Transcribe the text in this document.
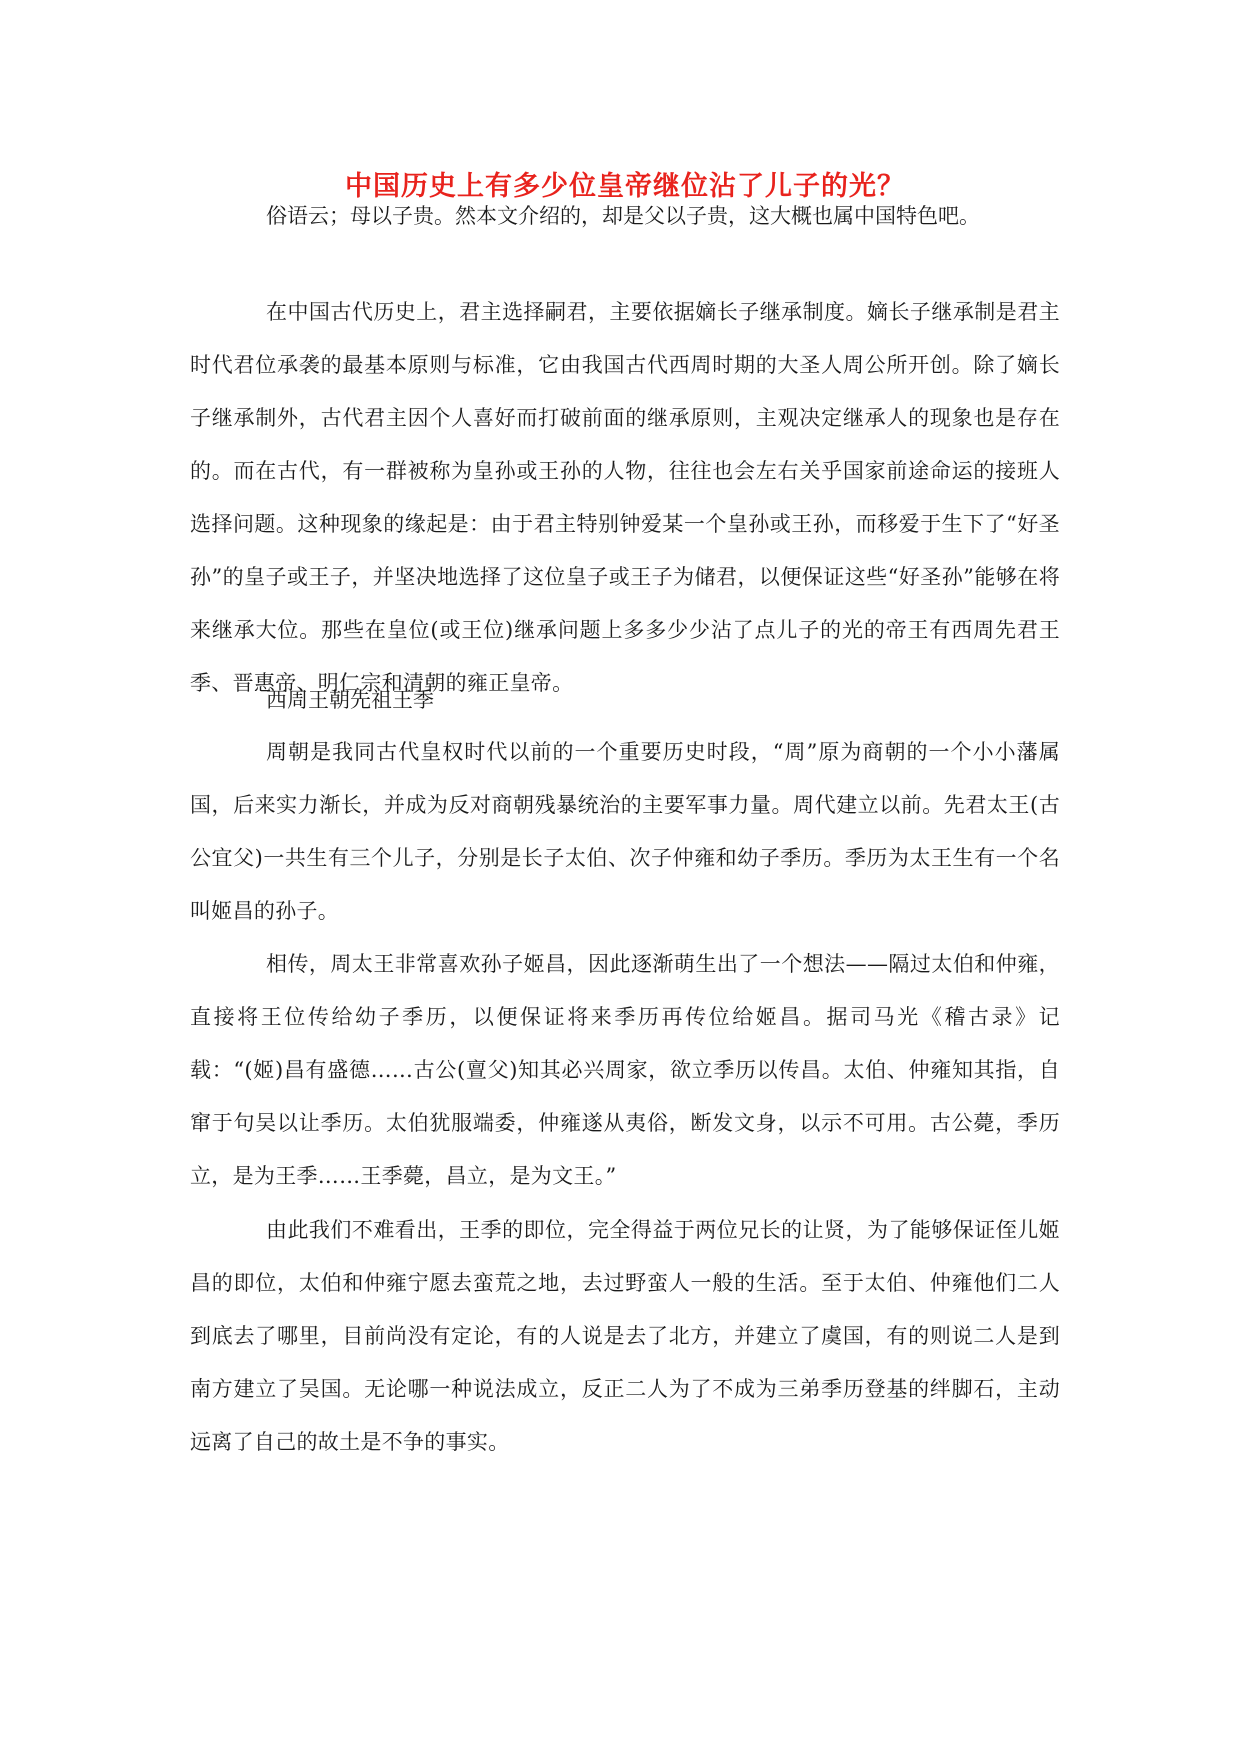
中国历史上有多少位皇帝继位沾了儿子的光？

俗语云；母以子贵。然本文介绍的，却是父以子贵，这大概也属中国特色吧。

在中国古代历史上，君主选择嗣君，主要依据嫡长子继承制度。嫡长子继承制是君主时代君位承袭的最基本原则与标准，它由我国古代西周时期的大圣人周公所开创。除了嫡长子继承制外，古代君主因个人喜好而打破前面的继承原则，主观决定继承人的现象也是存在的。而在古代，有一群被称为皇孙或王孙的人物，往往也会左右关乎国家前途命运的接班人选择问题。这种现象的缘起是：由于君主特别钟爱某一个皇孙或王孙，而移爱于生下了“好圣孙”的皇子或王子，并坚决地选择了这位皇子或王子为储君，以便保证这些“好圣孙”能够在将来继承大位。那些在皇位(或王位)继承问题上多多少少沾了点儿子的光的帝王有西周先君王季、晋惠帝、明仁宗和清朝的雍正皇帝。

西周王朝先祖王季

周朝是我同古代皇权时代以前的一个重要历史时段，“周”原为商朝的一个小小藩属国，后来实力渐长，并成为反对商朝残暴统治的主要军事力量。周代建立以前。先君太王(古公宜父)一共生有三个儿子，分别是长子太伯、次子仲雍和幼子季历。季历为太王生有一个名叫姬昌的孙子。

相传，周太王非常喜欢孙子姬昌，因此逐渐萌生出了一个想法——隔过太伯和仲雍，直接将王位传给幼子季历，以便保证将来季历再传位给姬昌。据司马光《稽古录》记载：“(姬)昌有盛德……古公(亶父)知其必兴周家，欲立季历以传昌。太伯、仲雍知其指，自窜于句吴以让季历。太伯犹服端委，仲雍遂从夷俗，断发文身，以示不可用。古公薨，季历立，是为王季……王季薨，昌立，是为文王。”

由此我们不难看出，王季的即位，完全得益于两位兄长的让贤，为了能够保证侄儿姬昌的即位，太伯和仲雍宁愿去蛮荒之地，去过野蛮人一般的生活。至于太伯、仲雍他们二人到底去了哪里，目前尚没有定论，有的人说是去了北方，并建立了虞国，有的则说二人是到南方建立了吴国。无论哪一种说法成立，反正二人为了不成为三弟季历登基的绊脚石，主动远离了自己的故土是不争的事实。
